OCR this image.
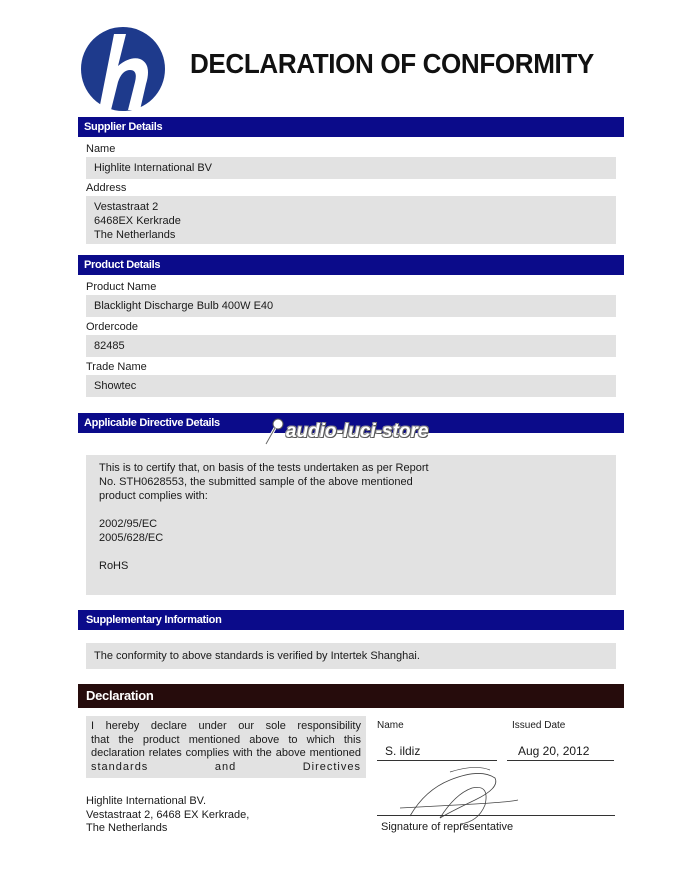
DECLARATION OF CONFORMITY
Supplier Details
Name
Highlite International BV
Address
Vestastraat 2
6468EX Kerkrade
The Netherlands
Product Details
Product Name
Blacklight Discharge Bulb 400W E40
Ordercode
82485
Trade Name
Showtec
Applicable Directive Details	audio-luci-store
This is to certify that, on basis of the tests undertaken as per Report
No. STH0628553, the submitted sample of the above mentioned
product complies with:
2002/95/EC
2005/628/EC
RoHS
Supplementary Information
The conformity to above standards is verified by Intertek Shanghai.
Declaration
I hereby declare under our sole responsibility
that the product mentioned above to which this
declaration relates complies with the above mentioned
standards and Directives
Name
S. ildiz
Issued Date
Aug 20, 2012
Highlite International BV.
Vestastraat 2, 6468 EX Kerkrade,
The Netherlands	Signature of representative
